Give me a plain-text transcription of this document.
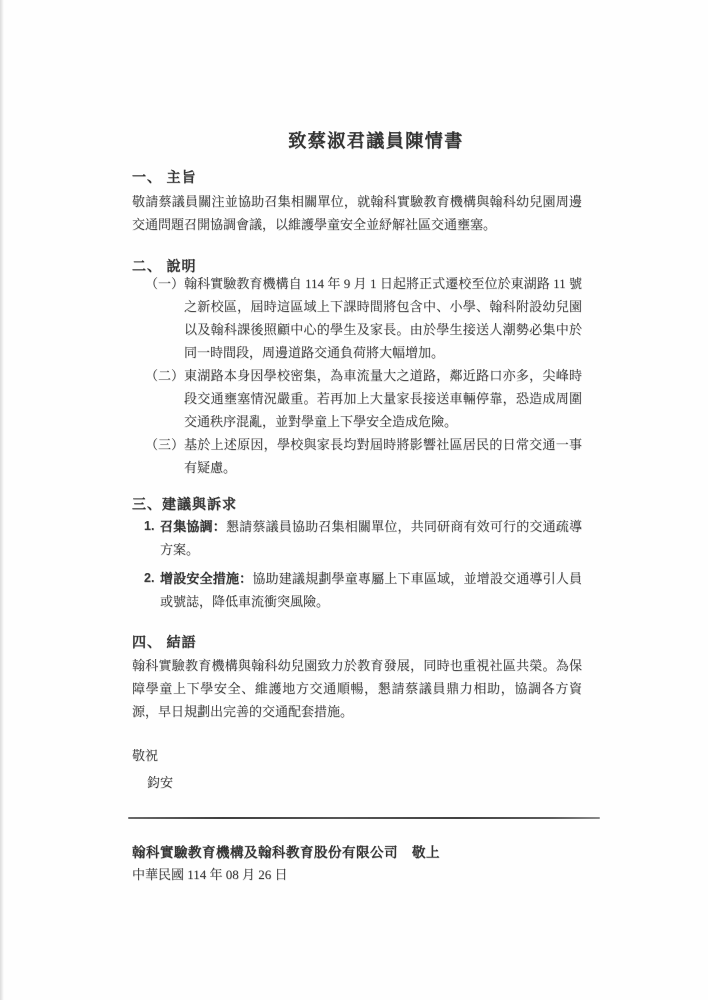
致蔡淑君議員陳情書
一、 主旨
敬請蔡議員關注並協助召集相關單位，就翰科實驗教育機構與翰科幼兒園周邊交通問題召開協調會議，以維護學童安全並紓解社區交通壅塞。
二、 說明
（一） 翰科實驗教育機構自 114 年 9 月 1 日起將正式遷校至位於東湖路 11 號之新校區，屆時這區域上下課時間將包含中、小學、翰科附設幼兒園以及翰科課後照顧中心的學生及家長。由於學生接送人潮勢必集中於同一時間段，周邊道路交通負荷將大幅增加。
（二） 東湖路本身因學校密集，為車流量大之道路，鄰近路口亦多，尖峰時段交通壅塞情況嚴重。若再加上大量家長接送車輛停靠，恐造成周圍交通秩序混亂，並對學童上下學安全造成危險。
（三） 基於上述原因，學校與家長均對屆時將影響社區居民的日常交通一事有疑慮。
三、建議與訴求
1. 召集協調：懇請蔡議員協助召集相關單位，共同研商有效可行的交通疏導方案。
2. 增設安全措施：協助建議規劃學童專屬上下車區域，並增設交通導引人員或號誌，降低車流衝突風險。
四、 結語
翰科實驗教育機構與翰科幼兒園致力於教育發展，同時也重視社區共榮。為保障學童上下學安全、維護地方交通順暢，懇請蔡議員鼎力相助，協調各方資源，早日規劃出完善的交通配套措施。
敬祝
鈞安
翰科實驗教育機構及翰科教育股份有限公司　敬上
中華民國 114 年 08 月 26 日
